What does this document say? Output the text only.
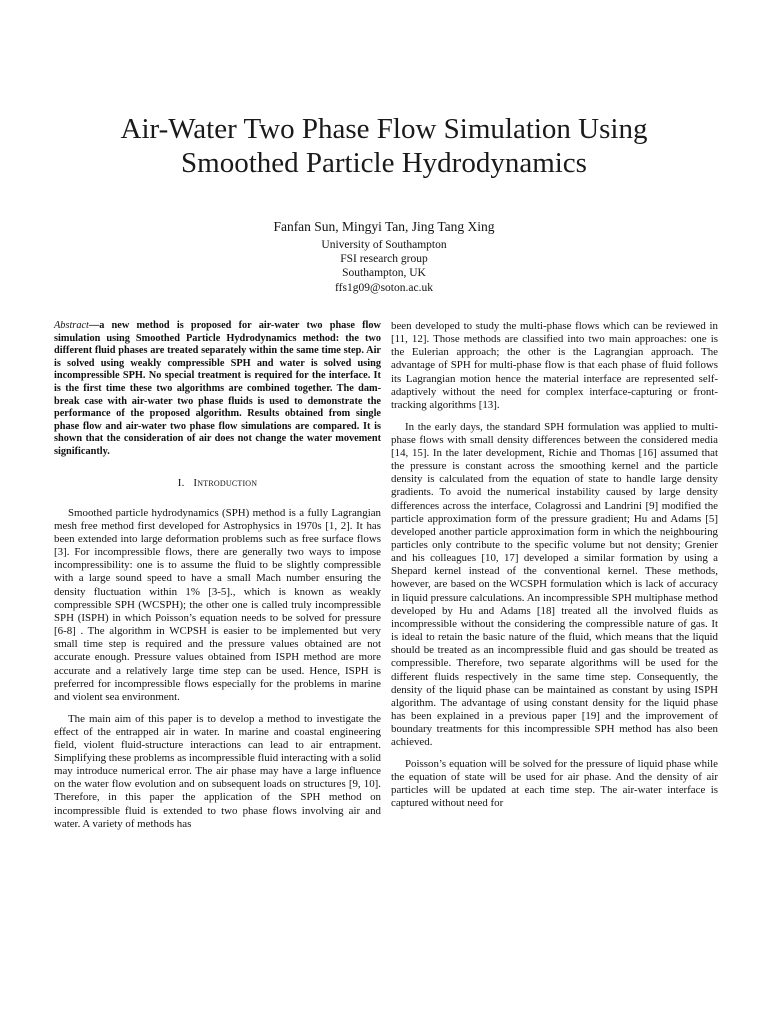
Air-Water Two Phase Flow Simulation Using
Smoothed Particle Hydrodynamics
Fanfan Sun, Mingyi Tan, Jing Tang Xing
University of Southampton
FSI research group
Southampton, UK
ffs1g09@soton.ac.uk

Abstract—a new method is proposed for air-water two phase flow simulation using Smoothed Particle Hydrodynamics method: the two different fluid phases are treated separately within the same time step. Air is solved using weakly compressible SPH and water is solved using incompressible SPH. No special treatment is required for the interface. It is the first time these two algorithms are combined together. The dam-break case with air-water two phase fluids is used to demonstrate the performance of the proposed algorithm. Results obtained from single phase flow and air-water two phase flow simulations are compared. It is shown that the consideration of air does not change the water movement significantly.

I. Introduction

Smoothed particle hydrodynamics (SPH) method is a fully Lagrangian mesh free method first developed for Astrophysics in 1970s [1, 2]. It has been extended into large deformation problems such as free surface flows [3]. For incompressible flows, there are generally two ways to impose incompressibility: one is to assume the fluid to be slightly compressible with a large sound speed to have a small Mach number ensuring the density fluctuation within 1% [3-5]., which is known as weakly compressible SPH (WCSPH); the other one is called truly incompressible SPH (ISPH) in which Poisson’s equation needs to be solved for pressure [6-8] . The algorithm in WCPSH is easier to be implemented but very small time step is required and the pressure values obtained are not accurate enough. Pressure values obtained from ISPH method are more accurate and a relatively large time step can be used. Hence, ISPH is preferred for incompressible flows especially for the problems in marine and violent sea environment.

The main aim of this paper is to develop a method to investigate the effect of the entrapped air in water. In marine and coastal engineering field, violent fluid-structure interactions can lead to air entrapment. Simplifying these problems as incompressible fluid interacting with a solid may introduce numerical error. The air phase may have a large influence on the water flow evolution and on subsequent loads on structures [9, 10]. Therefore, in this paper the application of the SPH method on incompressible fluid is extended to two phase flows involving air and water. A variety of methods has

been developed to study the multi-phase flows which can be reviewed in [11, 12]. Those methods are classified into two main approaches: one is the Eulerian approach; the other is the Lagrangian approach. The advantage of SPH for multi-phase flow is that each phase of fluid follows its Lagrangian motion hence the material interface are represented self-adaptively without the need for complex interface-capturing or front-tracking algorithms [13].

In the early days, the standard SPH formulation was applied to multi-phase flows with small density differences between the considered media [14, 15]. In the later development, Richie and Thomas [16] assumed that the pressure is constant across the smoothing kernel and the particle density is calculated from the equation of state to handle large density gradients. To avoid the numerical instability caused by large density differences across the interface, Colagrossi and Landrini [9] modified the particle approximation form of the pressure gradient; Hu and Adams [5] developed another particle approximation form in which the neighbouring particles only contribute to the specific volume but not density; Grenier and his colleagues [10, 17] developed a similar formation by using a Shepard kernel instead of the conventional kernel. These methods, however, are based on the WCSPH formulation which is lack of accuracy in liquid pressure calculations. An incompressible SPH multiphase method developed by Hu and Adams [18] treated all the involved fluids as incompressible without the considering the compressible nature of gas. It is ideal to retain the basic nature of the fluid, which means that the liquid should be treated as an incompressible fluid and gas should be treated as compressible. Therefore, two separate algorithms will be used for the different fluids respectively in the same time step. Consequently, the density of the liquid phase can be maintained as constant by using ISPH algorithm. The advantage of using constant density for the liquid phase has been explained in a previous paper [19] and the improvement of boundary treatments for this incompressible SPH method has also been achieved.

Poisson’s equation will be solved for the pressure of liquid phase while the equation of state will be used for air phase. And the density of air particles will be updated at each time step. The air-water interface is captured without need for
